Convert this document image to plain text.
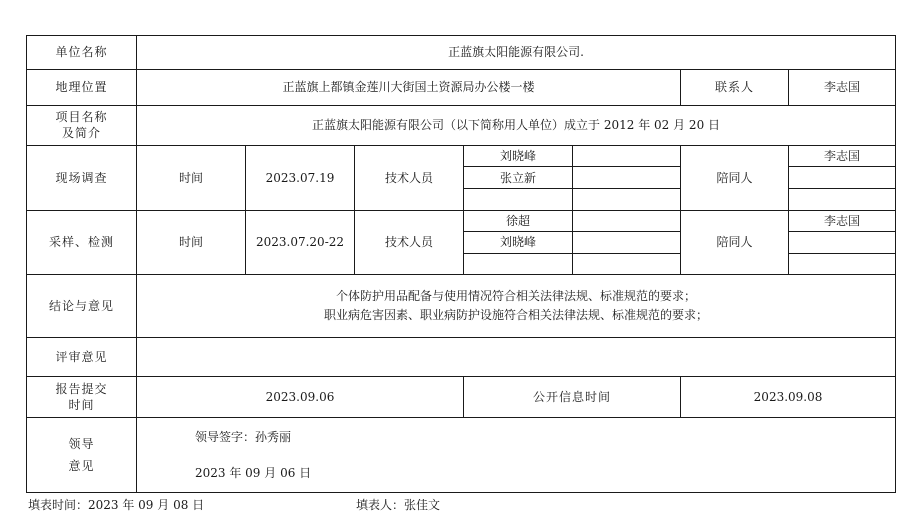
单位名称	正蓝旗太阳能源有限公司.						
地理位置	正蓝旗上都镇金莲川大街国土资源局办公楼一楼					联系人	李志国

项目名称
及简介	正蓝旗太阳能源有限公司（以下简称用人单位）成立于 2012 年 02 月 20 日						
现场调查	时间	2023.07.19	技术人员	刘晓峰		陪同人	李志国
				张立新			

采样、检测	时间	2023.07.20-22	技术人员	徐超		陪同人	李志国
				刘晓峰			

结论与意见	个体防护用品配备与使用情况符合相关法律法规、标准规范的要求；
职业病危害因素、职业病防护设施符合相关法律法规、标准规范的要求；						

评审意见							

报告提交
时间	2023.09.06			公开信息时间		2023.09.08	

领导
意见	领导签字：孙秀丽
2023 年 09 月 06 日						
填表时间：2023 年 09 月 08 日	填表人：张佳文
